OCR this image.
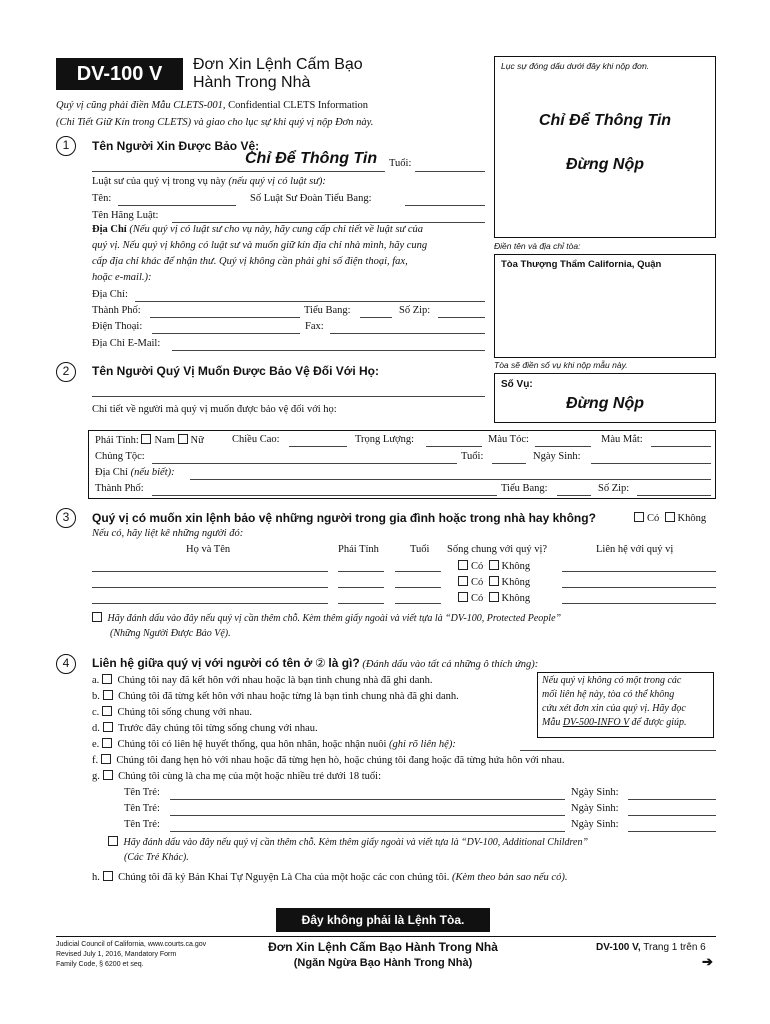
DV-100 V	Đơn Xin Lệnh Cấm Bạo
Hành Trong Nhà
Quý vị cũng phải điền Mẫu CLETS-001, Confidential CLETS Information
(Chi Tiết Giữ Kín trong CLETS) và giao cho lục sự khi quý vị nộp Đơn này.
Lục sự đóng dấu dưới đây khi nộp đơn.
Chỉ Để Thông Tin
Đừng Nộp
Điền tên và địa chỉ tòa:
Tòa Thượng Thẩm California, Quận
Tòa sẽ điền số vụ khi nộp mẫu này.
Số Vụ:
Đừng Nộp
1	Tên Người Xin Được Bảo Vệ:
Chỉ Để Thông Tin Tuổi:
Luật sư của quý vị trong vụ này (nếu quý vị có luật sư):
Tên:	Số Luật Sư Đoàn Tiểu Bang:
Tên Hãng Luật:
Địa Chỉ (Nếu quý vị có luật sư cho vụ này, hãy cung cấp chi tiết về luật sư của
quý vị. Nếu quý vị không có luật sư và muốn giữ kín địa chỉ nhà mình, hãy cung
cấp địa chỉ khác để nhận thư. Quý vị không cần phải ghi số điện thoại, fax,
hoặc e-mail.):
Địa Chỉ:
Thành Phố:	Tiểu Bang:	Số Zip:
Điện Thoại:	Fax:
Địa Chỉ E-Mail:
2	Tên Người Quý Vị Muốn Được Bảo Vệ Đối Với Họ:
Chi tiết về người mà quý vị muốn được bảo vệ đối với họ:
Phái Tính: Nam Nữ	Chiều Cao:	Trọng Lượng:	Màu Tóc:	Màu Mắt:
Chủng Tộc:	Tuổi:	Ngày Sinh:
Địa Chỉ (nếu biết):
Thành Phố:	Tiểu Bang:	Số Zip:
3	Quý vị có muốn xin lệnh bảo vệ những người trong gia đình hoặc trong nhà hay không?	Có Không
Nếu có, hãy liệt kê những người đó:
Họ và Tên	Phái Tính	Tuổi Sống chung với quý vị?	Liên hệ với quý vị
Có Không
Có Không
Có Không
Hãy đánh dấu vào đây nếu quý vị cần thêm chỗ. Kèm thêm giấy ngoài và viết tựa là “DV-100, Protected People”
(Những Người Được Bảo Vệ).
4	Liên hệ giữa quý vị với người có tên ở ② là gì? (Đánh dấu vào tất cả những ô thích ứng):
Nếu quý vị không có một trong các
mối liên hệ này, tòa có thể không
cứu xét đơn xin của quý vị. Hãy đọc
Mẫu DV-500-INFO V để được giúp.
a. Chúng tôi nay đã kết hôn với nhau hoặc là bạn tình chung nhà đã ghi danh.
b. Chúng tôi đã từng kết hôn với nhau hoặc từng là bạn tình chung nhà đã ghi danh.
c. Chúng tôi sống chung với nhau.
d. Trước đây chúng tôi từng sống chung với nhau.
e. Chúng tôi có liên hệ huyết thống, qua hôn nhân, hoặc nhận nuôi (ghi rõ liên hệ):
f. Chúng tôi đang hẹn hò với nhau hoặc đã từng hẹn hò, hoặc chúng tôi đang hoặc đã từng hứa hôn với nhau.
g. Chúng tôi cùng là cha mẹ của một hoặc nhiều trẻ dưới 18 tuổi:
Tên Trẻ:	Ngày Sinh:
Tên Trẻ:	Ngày Sinh:
Tên Trẻ:	Ngày Sinh:
Hãy đánh dấu vào đây nếu quý vị cần thêm chỗ. Kèm thêm giấy ngoài và viết tựa là “DV-100, Additional Children”
(Các Trẻ Khác).
h. Chúng tôi đã ký Bản Khai Tự Nguyện Là Cha của một hoặc các con chúng tôi. (Kèm theo bản sao nếu có).
Đây không phải là Lệnh Tòa.
Judicial Council of California, www.courts.ca.gov
Revised July 1, 2016, Mandatory Form
Family Code, § 6200 et seq.
Đơn Xin Lệnh Cấm Bạo Hành Trong Nhà
(Ngăn Ngừa Bạo Hành Trong Nhà)
DV-100 V, Trang 1 trên 6
➔
